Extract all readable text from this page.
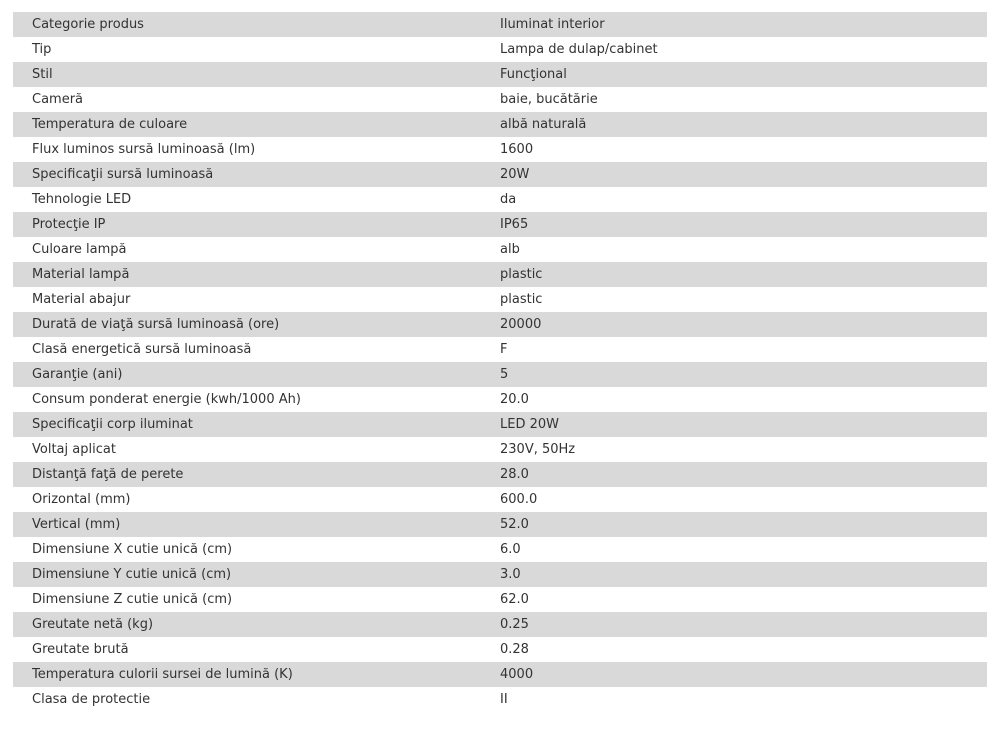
Categorie produs	Iluminat interior
Tip	Lampa de dulap/cabinet
Stil	Funcţional
Cameră	baie, bucătărie
Temperatura de culoare	albă naturală
Flux luminos sursă luminoasă (lm)	1600
Specificaţii sursă luminoasă	20W
Tehnologie LED	da
Protecţie IP	IP65
Culoare lampă	alb
Material lampă	plastic
Material abajur	plastic
Durată de viaţă sursă luminoasă (ore)	20000
Clasă energetică sursă luminoasă	F
Garanţie (ani)	5
Consum ponderat energie (kwh/1000 Ah)	20.0
Specificaţii corp iluminat	LED 20W
Voltaj aplicat	230V, 50Hz
Distanţă faţă de perete	28.0
Orizontal (mm)	600.0
Vertical (mm)	52.0
Dimensiune X cutie unică (cm)	6.0
Dimensiune Y cutie unică (cm)	3.0
Dimensiune Z cutie unică (cm)	62.0
Greutate netă (kg)	0.25
Greutate brută	0.28
Temperatura culorii sursei de lumină (K)	4000
Clasa de protectie	II
